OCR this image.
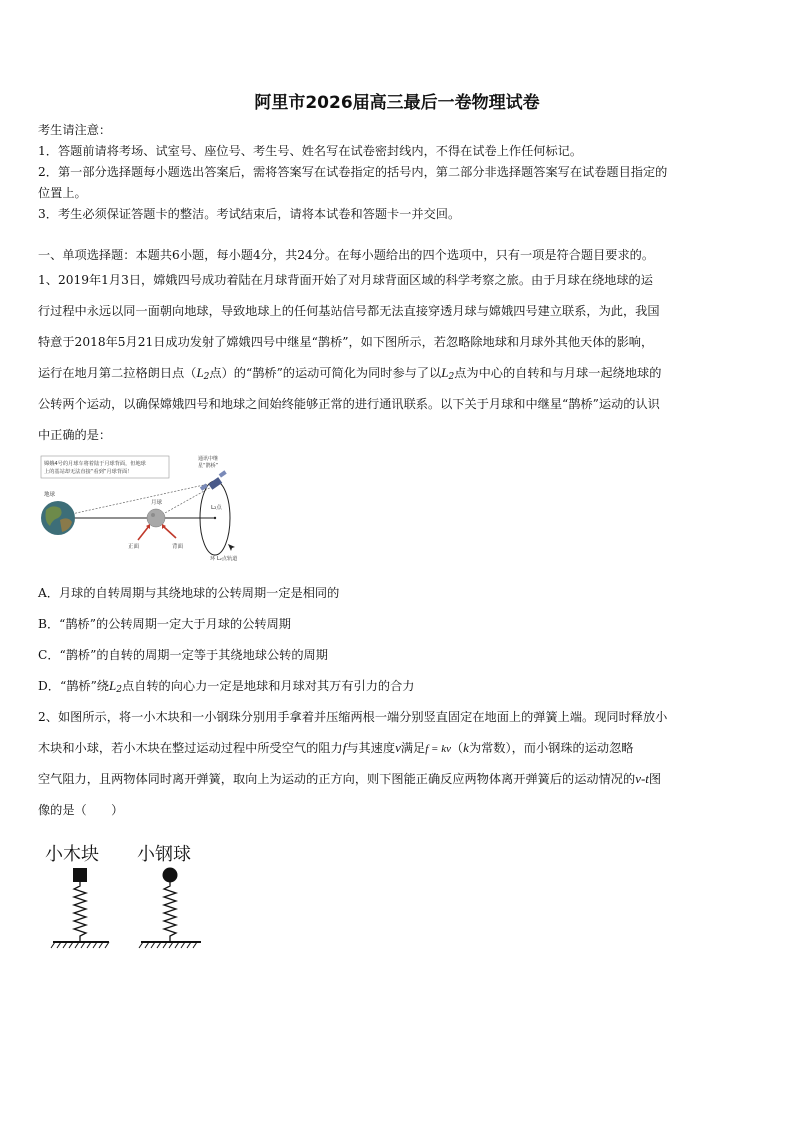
阿里市2026届高三最后一卷物理试卷
考生请注意：
1．答题前请将考场、试室号、座位号、考生号、姓名写在试卷密封线内，不得在试卷上作任何标记。
2．第一部分选择题每小题选出答案后，需将答案写在试卷指定的括号内，第二部分非选择题答案写在试卷题目指定的
位置上。
3．考生必须保证答题卡的整洁。考试结束后，请将本试卷和答题卡一并交回。
一、单项选择题：本题共6小题，每小题4分，共24分。在每小题给出的四个选项中，只有一项是符合题目要求的。
1、2019年1月3日，嫦娥四号成功着陆在月球背面开始了对月球背面区域的科学考察之旅。由于月球在绕地球的运
行过程中永远以同一面朝向地球，导致地球上的任何基站信号都无法直接穿透月球与嫦娥四号建立联系，为此，我国
特意于2018年5月21日成功发射了嫦娥四号中继星“鹊桥”，如下图所示，若忽略除地球和月球外其他天体的影响，
运行在地月第二拉格朗日点（$L_2$点）的“鹊桥”的运动可简化为同时参与了以$L_2$点为中心的自转和与月球一起绕地球的
公转两个运动，以确保嫦娥四号和地球之间始终能够正常的进行通讯联系。以下关于月球和中继星“鹊桥”运动的认识
中正确的是：
嫦娥4号的月球车将着陆于月球背面，但地球
上的基站却无法直接“看到”月球背面！
地球
月球
正面	背面
L₂点
通讯中继
星“鹊桥”
环 L₂点轨道
A．月球的自转周期与其绕地球的公转周期一定是相同的
B．“鹊桥”的公转周期一定大于月球的公转周期
C．“鹊桥”的自转的周期一定等于其绕地球公转的周期
D．“鹊桥”绕$L_2$点自转的向心力一定是地球和月球对其万有引力的合力
2、如图所示，将一小木块和一小钢珠分别用手拿着并压缩两根一端分别竖直固定在地面上的弹簧上端。现同时释放小
木块和小球，若小木块在整过运动过程中所受空气的阻力f与其速度v满足f = kv（k为常数），而小钢珠的运动忽略
空气阻力，且两物体同时离开弹簧，取向上为运动的正方向，则下图能正确反应两物体离开弹簧后的运动情况的v-t图
像的是（　　）
小木块 小钢球
